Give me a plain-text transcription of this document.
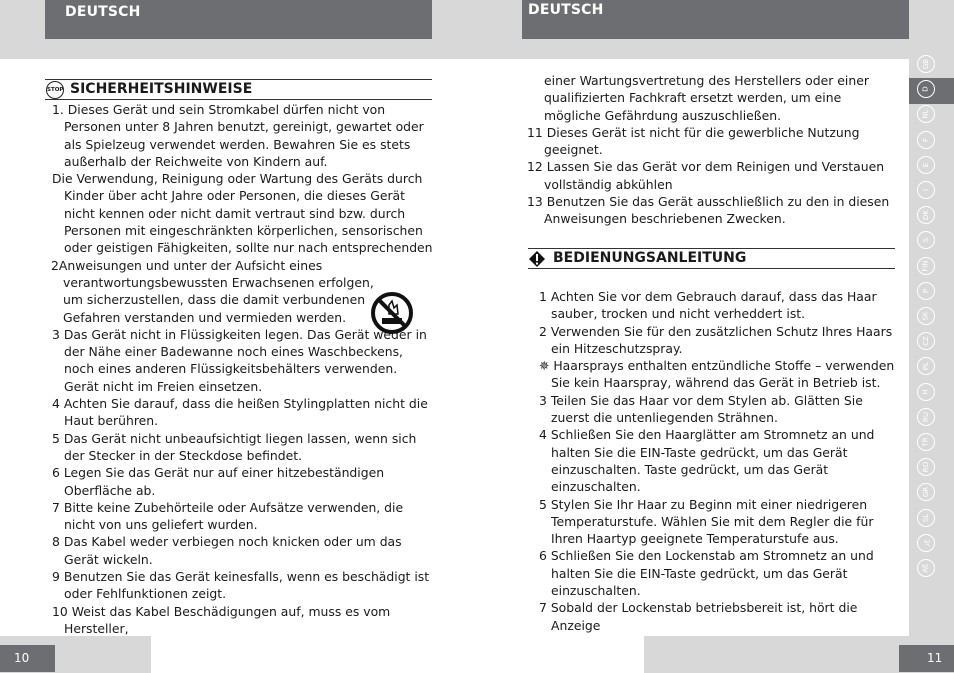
DEUTSCH	DEUTSCH
STOP SICHERHEITSHINWEISE
1. Dieses Gerät und sein Stromkabel dürfen nicht von Personen unter 8 Jahren benutzt, gereinigt, gewartet oder als Spielzeug verwendet werden. Bewahren Sie es stets außerhalb der Reichweite von Kindern auf.
Die Verwendung, Reinigung oder Wartung des Geräts durch Kinder über acht Jahre oder Personen, die dieses Gerät nicht kennen oder nicht damit vertraut sind bzw. durch Personen mit eingeschränkten körperlichen, sensorischen oder geistigen Fähigkeiten, sollte nur nach entsprechenden
2Anweisungen und unter der Aufsicht eines verantwortungsbewussten Erwachsenen erfolgen, um sicherzustellen, dass die damit verbundenen Gefahren verstanden und vermieden werden.
3 Das Gerät nicht in Flüssigkeiten legen. Das Gerät weder in der Nähe einer Badewanne noch eines Waschbeckens, noch eines anderen Flüssigkeitsbehälters verwenden. Gerät nicht im Freien einsetzen.
4 Achten Sie darauf, dass die heißen Stylingplatten nicht die Haut berühren.
5 Das Gerät nicht unbeaufsichtigt liegen lassen, wenn sich der Stecker in der Steckdose befindet.
6 Legen Sie das Gerät nur auf einer hitzebeständigen Oberfläche ab.
7 Bitte keine Zubehörteile oder Aufsätze verwenden, die nicht von uns geliefert wurden.
8 Das Kabel weder verbiegen noch knicken oder um das Gerät wickeln.
9 Benutzen Sie das Gerät keinesfalls, wenn es beschädigt ist oder Fehlfunktionen zeigt.
10 Weist das Kabel Beschädigungen auf, muss es vom Hersteller,
einer Wartungsvertretung des Herstellers oder einer qualifizierten Fachkraft ersetzt werden, um eine mögliche Gefährdung auszuschließen.
11 Dieses Gerät ist nicht für die gewerbliche Nutzung geeignet.
12 Lassen Sie das Gerät vor dem Reinigen und Verstauen vollständig abkühlen
13 Benutzen Sie das Gerät ausschließlich zu den in diesen Anweisungen beschriebenen Zwecken.
BEDIENUNGSANLEITUNG
1 Achten Sie vor dem Gebrauch darauf, dass das Haar sauber, trocken und nicht verheddert ist.
2 Verwenden Sie für den zusätzlichen Schutz Ihres Haars ein Hitzeschutzspray.
✵ Haarsprays enthalten entzündliche Stoffe – verwenden Sie kein Haarspray, während das Gerät in Betrieb ist.
3 Teilen Sie das Haar vor dem Stylen ab. Glätten Sie zuerst die untenliegenden Strähnen.
4 Schließen Sie den Haarglätter am Stromnetz an und halten Sie die EIN-Taste gedrückt, um das Gerät einzuschalten. Taste gedrückt, um das Gerät einzuschalten.
5 Stylen Sie Ihr Haar zu Beginn mit einer niedrigeren Temperaturstufe. Wählen Sie mit dem Regler die für Ihren Haartyp geeignete Temperaturstufe aus.
6 Schließen Sie den Lockenstab am Stromnetz an und halten Sie die EIN-Taste gedrückt, um das Gerät einzuschalten.
7 Sobald der Lockenstab betriebsbereit ist, hört die Anzeige
GB
D
NL
F
E
I
DK
S
FIN
P
SK
CZ
PL
H
RU
TR
RO
GR
SL
ﻉﺭ
AE
10	11
